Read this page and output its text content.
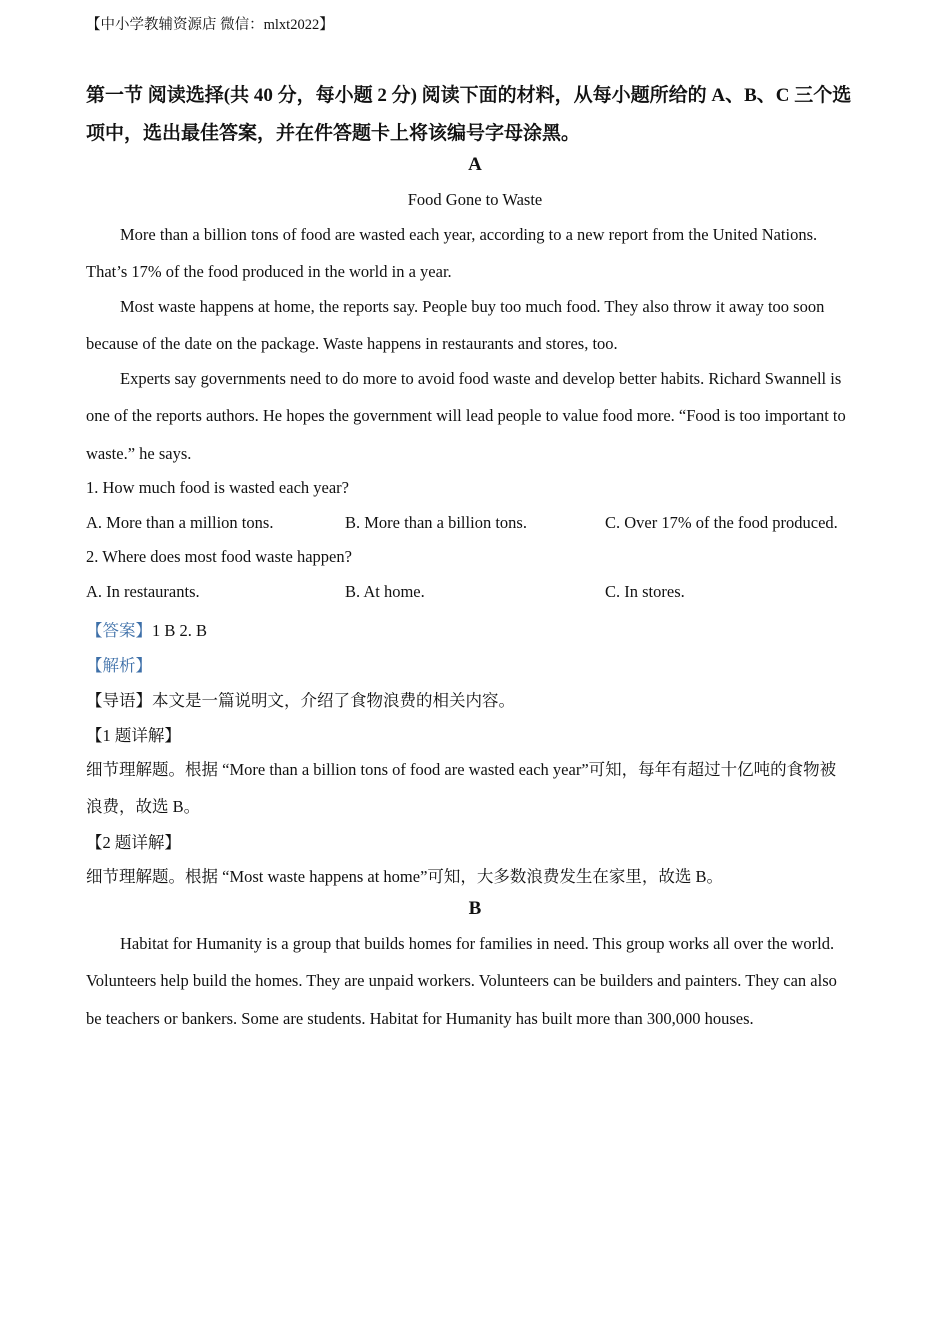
【中小学教辅资源店 微信：mlxt2022】
第一节 阅读选择(共 40 分，每小题 2 分) 阅读下面的材料，从每小题所给的 A、B、C 三个选
项中，选出最佳答案，并在件答题卡上将该编号字母涂黑。
A
Food Gone to Waste
More than a billion tons of food are wasted each year, according to a new report from the United Nations.
That’s 17% of the food produced in the world in a year.
Most waste happens at home, the reports say. People buy too much food. They also throw it away too soon
because of the date on the package. Waste happens in restaurants and stores, too.
Experts say governments need to do more to avoid food waste and develop better habits. Richard Swannell is
one of the reports authors. He hopes the government will lead people to value food more. “Food is too important to
waste.” he says.
1. How much food is wasted each year?
A. More than a million tons.	B. More than a billion tons.	C. Over 17% of the food produced.
2. Where does most food waste happen?
A. In restaurants.	B. At home.	C. In stores.
【答案】1 B 2. B
【解析】
【导语】本文是一篇说明文，介绍了食物浪费的相关内容。
【1 题详解】
细节理解题。根据 “More than a billion tons of food are wasted each year”可知，每年有超过十亿吨的食物被
浪费，故选 B。
【2 题详解】
细节理解题。根据 “Most waste happens at home”可知，大多数浪费发生在家里，故选 B。
B
Habitat for Humanity is a group that builds homes for families in need. This group works all over the world.
Volunteers help build the homes. They are unpaid workers. Volunteers can be builders and painters. They can also
be teachers or bankers. Some are students. Habitat for Humanity has built more than 300,000 houses.
